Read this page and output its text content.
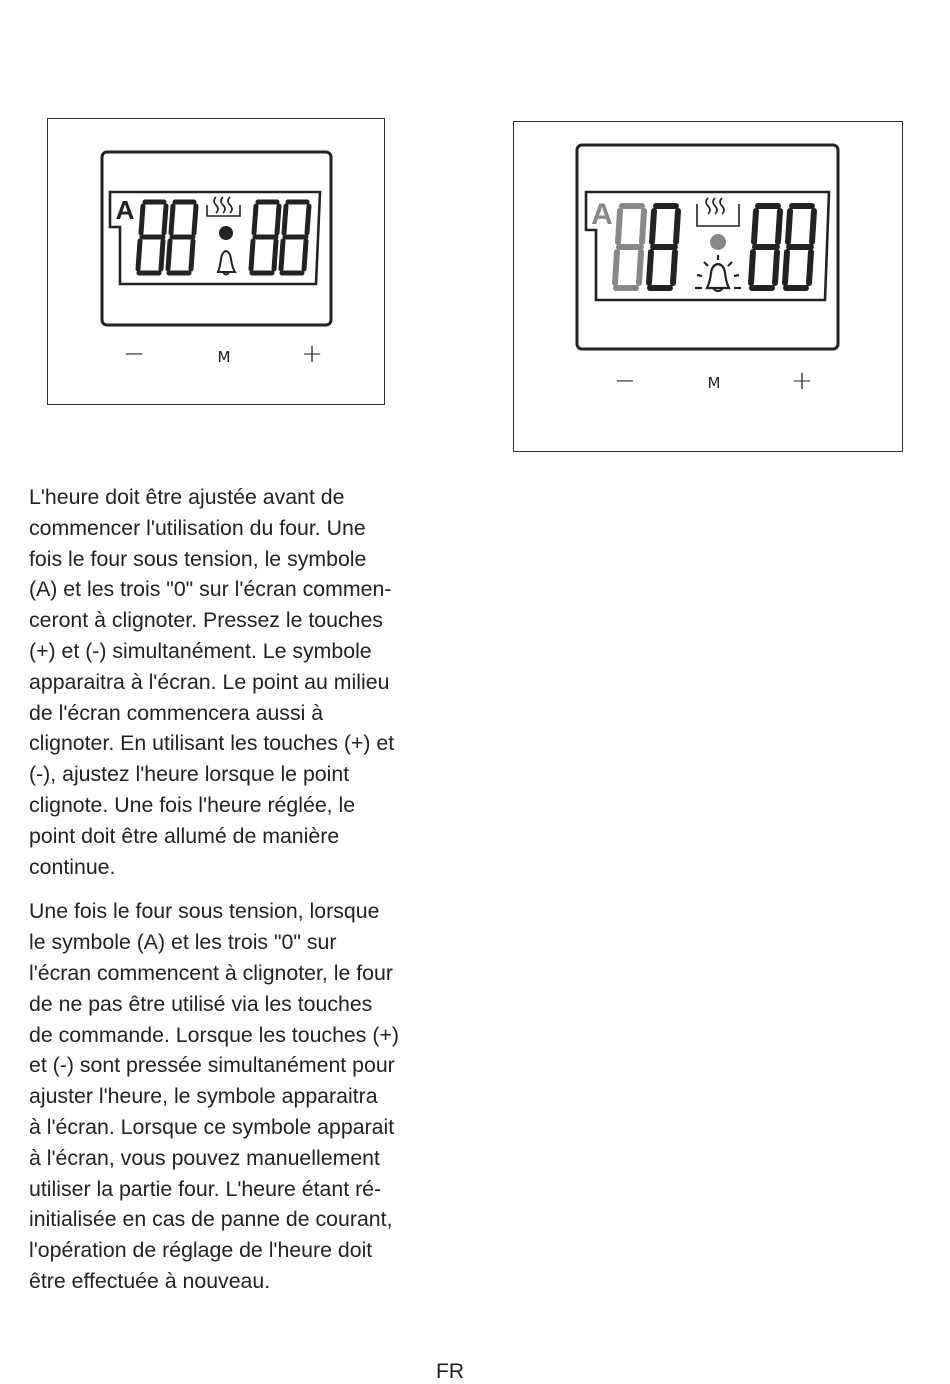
A
−	M	+
A
−	M	+

L'heure doit être ajustée avant de
commencer l'utilisation du four. Une
fois le four sous tension, le symbole
(A) et les trois "0" sur l'écran commen-
ceront à clignoter. Pressez le touches
(+) et (-) simultanément. Le symbole
apparaitra à l'écran. Le point au milieu
de l'écran commencera aussi à
clignoter. En utilisant les touches (+) et
(-), ajustez l'heure lorsque le point
clignote. Une fois l'heure réglée, le
point doit être allumé de manière
continue.

Une fois le four sous tension, lorsque
le symbole (A) et les trois "0" sur
l'écran commencent à clignoter, le four
de ne pas être utilisé via les touches
de commande. Lorsque les touches (+)
et (-) sont pressée simultanément pour
ajuster l'heure, le symbole apparaitra
à l'écran. Lorsque ce symbole apparait
à l'écran, vous pouvez manuellement
utiliser la partie four. L'heure étant ré-
initialisée en cas de panne de courant,
l'opération de réglage de l'heure doit
être effectuée à nouveau.

FR
